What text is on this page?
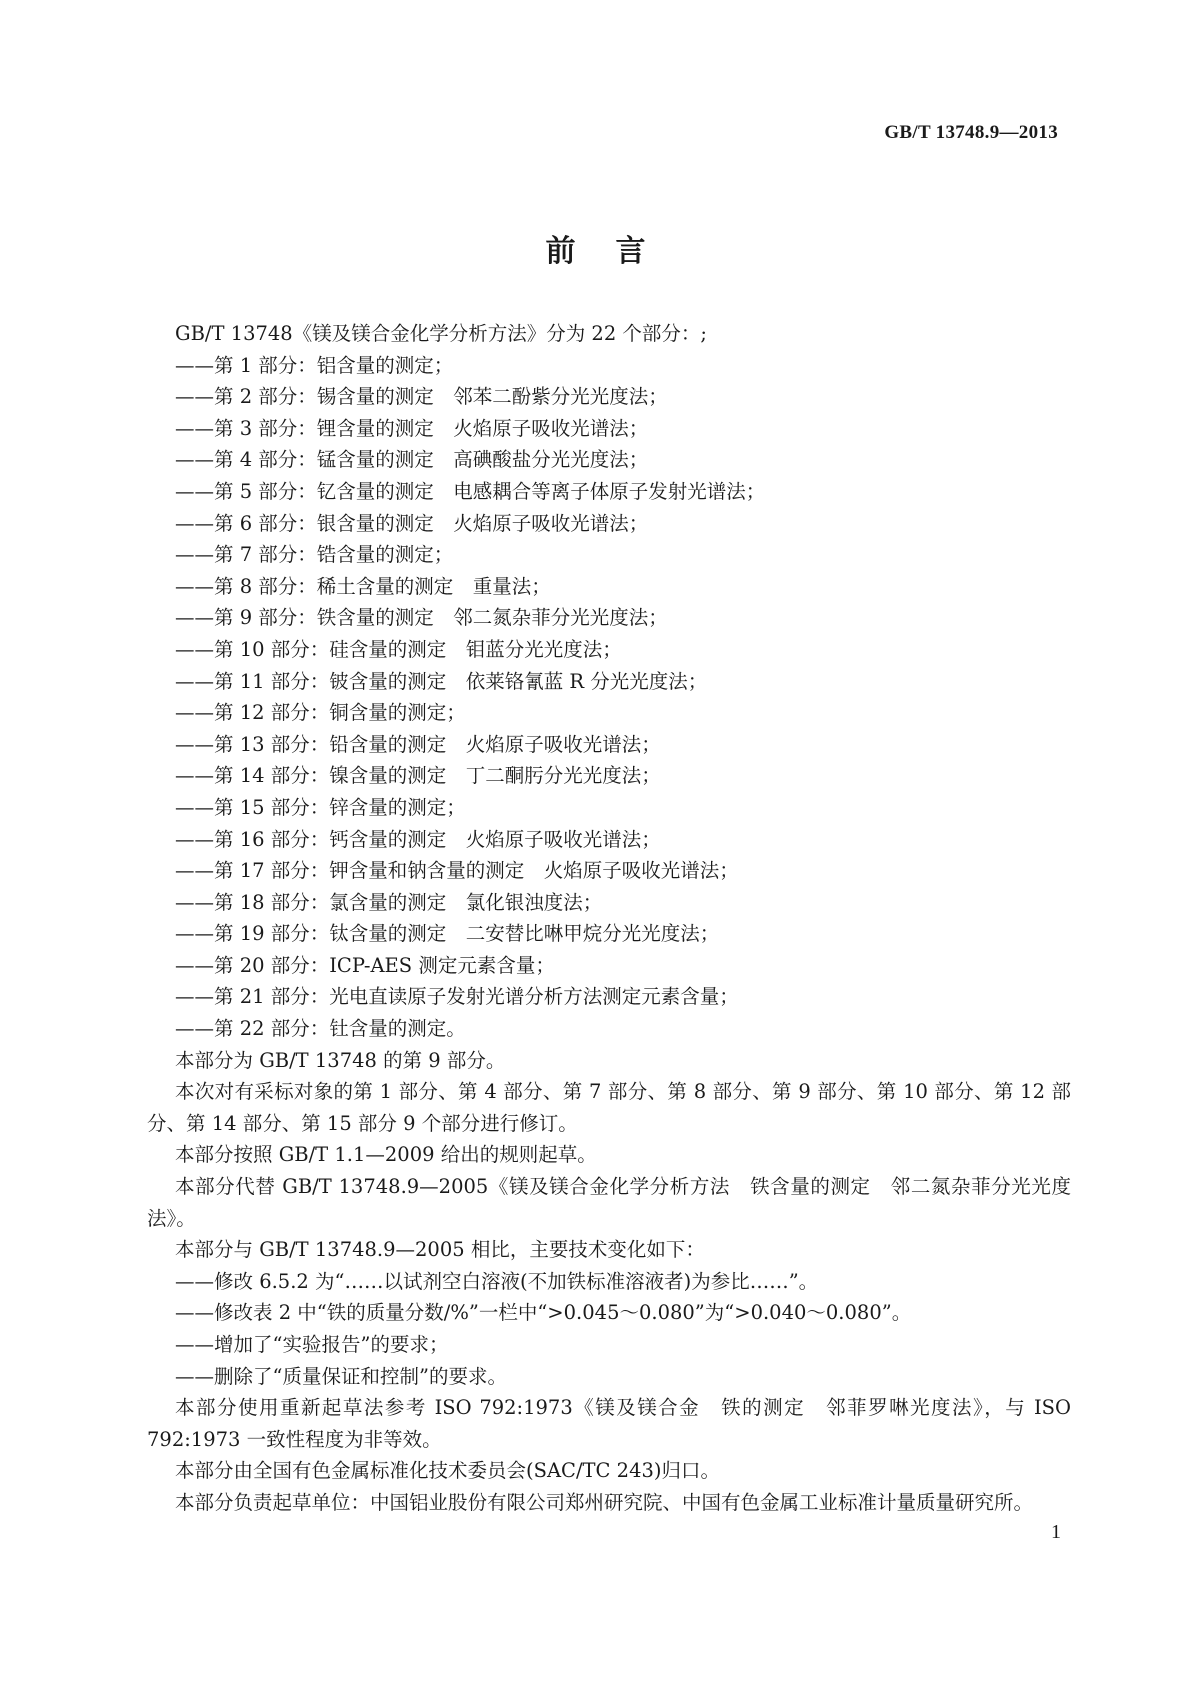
GB/T 13748.9—2013
前言
GB/T 13748《镁及镁合金化学分析方法》分为 22 个部分：;
——第 1 部分：铝含量的测定；
——第 2 部分：锡含量的测定　邻苯二酚紫分光光度法；
——第 3 部分：锂含量的测定　火焰原子吸收光谱法；
——第 4 部分：锰含量的测定　高碘酸盐分光光度法；
——第 5 部分：钇含量的测定　电感耦合等离子体原子发射光谱法；
——第 6 部分：银含量的测定　火焰原子吸收光谱法；
——第 7 部分：锆含量的测定；
——第 8 部分：稀土含量的测定　重量法；
——第 9 部分：铁含量的测定　邻二氮杂菲分光光度法；
——第 10 部分：硅含量的测定　钼蓝分光光度法；
——第 11 部分：铍含量的测定　依莱铬氰蓝 R 分光光度法；
——第 12 部分：铜含量的测定；
——第 13 部分：铅含量的测定　火焰原子吸收光谱法；
——第 14 部分：镍含量的测定　丁二酮肟分光光度法；
——第 15 部分：锌含量的测定；
——第 16 部分：钙含量的测定　火焰原子吸收光谱法；
——第 17 部分：钾含量和钠含量的测定　火焰原子吸收光谱法；
——第 18 部分：氯含量的测定　氯化银浊度法；
——第 19 部分：钛含量的测定　二安替比啉甲烷分光光度法；
——第 20 部分：ICP-AES 测定元素含量；
——第 21 部分：光电直读原子发射光谱分析方法测定元素含量；
——第 22 部分：钍含量的测定。
本部分为 GB/T 13748 的第 9 部分。
本次对有采标对象的第 1 部分、第 4 部分、第 7 部分、第 8 部分、第 9 部分、第 10 部分、第 12 部分、第 14 部分、第 15 部分 9 个部分进行修订。
本部分按照 GB/T 1.1—2009 给出的规则起草。
本部分代替 GB/T 13748.9—2005《镁及镁合金化学分析方法　铁含量的测定　邻二氮杂菲分光光度法》。
本部分与 GB/T 13748.9—2005 相比，主要技术变化如下：
——修改 6.5.2 为“……以试剂空白溶液(不加铁标准溶液者)为参比……”。
——修改表 2 中“铁的质量分数/%”一栏中“>0.045～0.080”为“>0.040～0.080”。
——增加了“实验报告”的要求；
——删除了“质量保证和控制”的要求。
本部分使用重新起草法参考 ISO 792:1973《镁及镁合金　铁的测定　邻菲罗啉光度法》，与 ISO 792:1973 一致性程度为非等效。
本部分由全国有色金属标准化技术委员会(SAC/TC 243)归口。
本部分负责起草单位：中国铝业股份有限公司郑州研究院、中国有色金属工业标准计量质量研究所。
1
